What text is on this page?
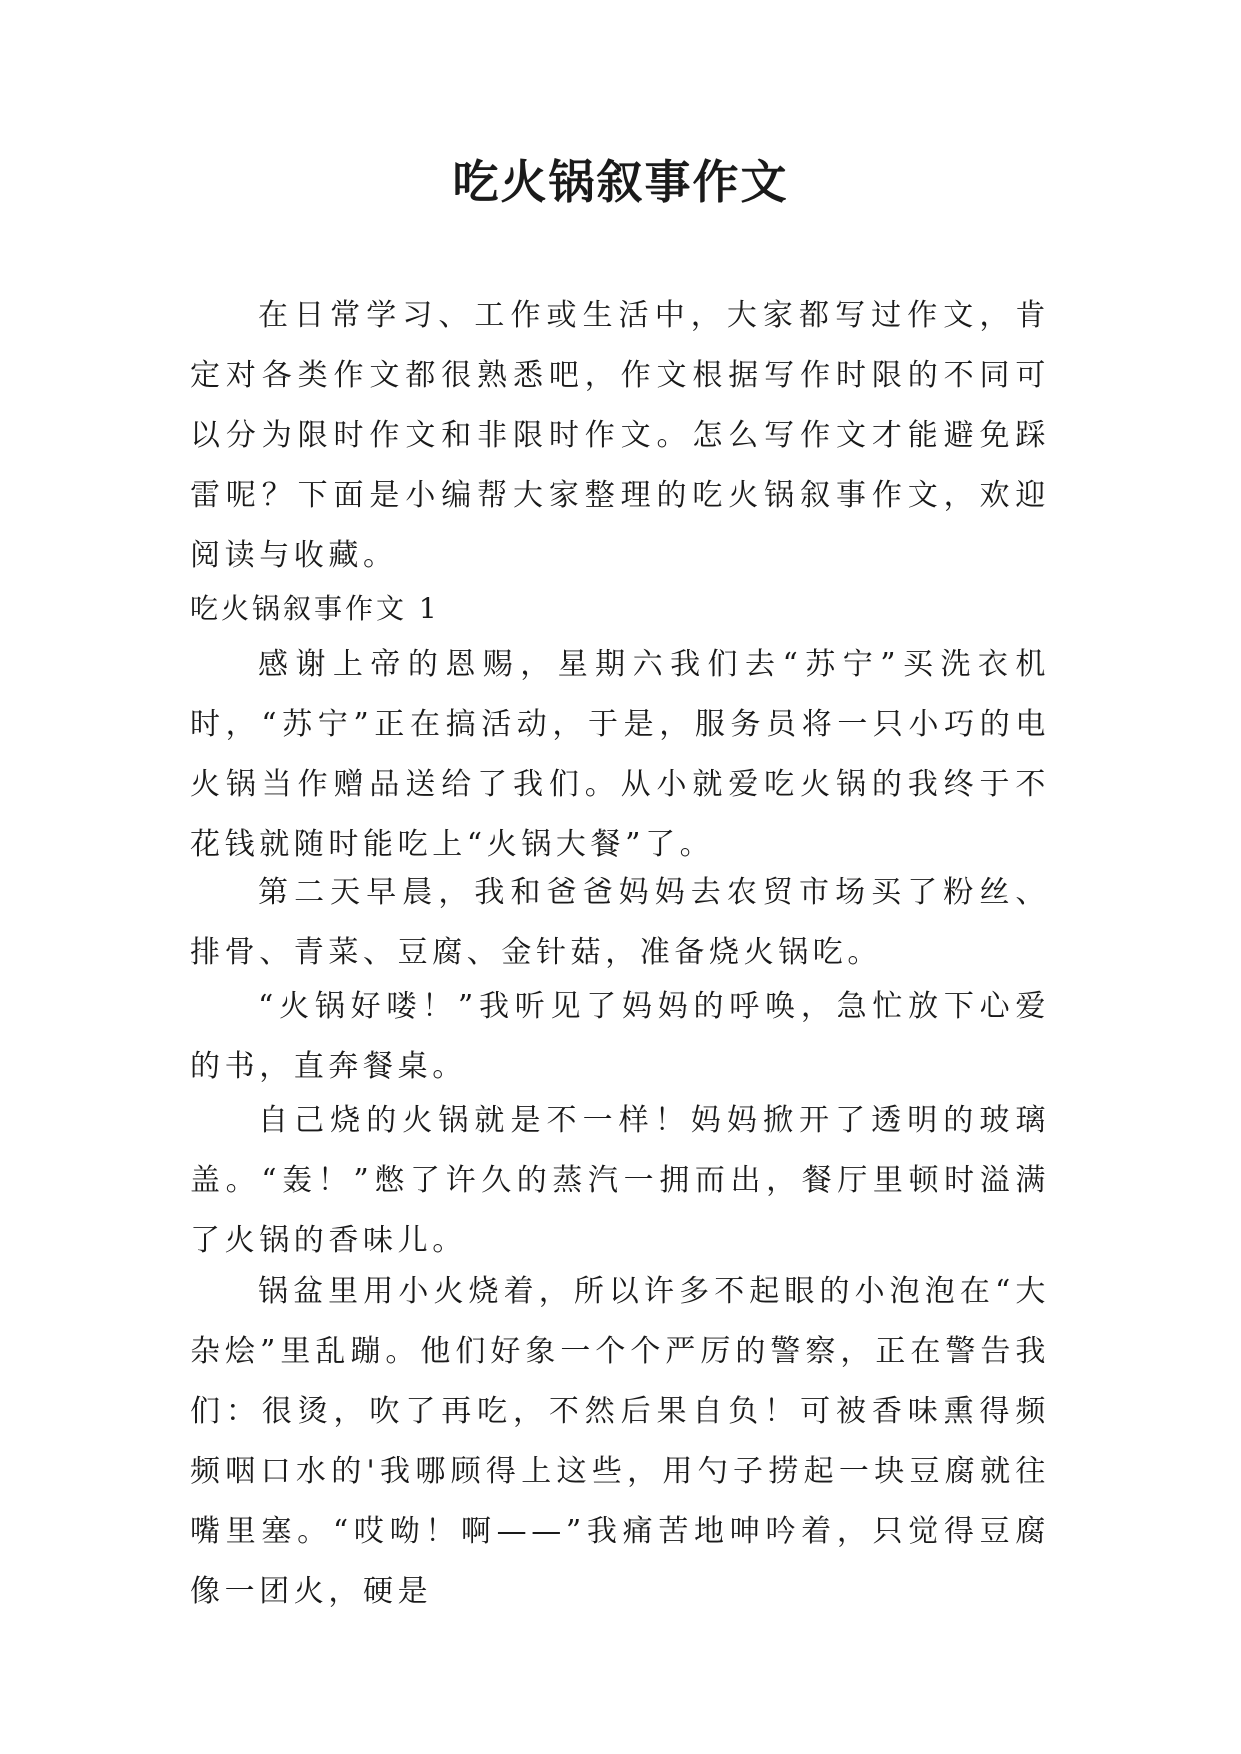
吃火锅叙事作文

在日常学习、工作或生活中，大家都写过作文，肯定对各类作文都很熟悉吧，作文根据写作时限的不同可以分为限时作文和非限时作文。怎么写作文才能避免踩雷呢？下面是小编帮大家整理的吃火锅叙事作文，欢迎阅读与收藏。

吃火锅叙事作文 1

感谢上帝的恩赐，星期六我们去“苏宁”买洗衣机时，“苏宁”正在搞活动，于是，服务员将一只小巧的电火锅当作赠品送给了我们。从小就爱吃火锅的我终于不花钱就随时能吃上“火锅大餐”了。

第二天早晨，我和爸爸妈妈去农贸市场买了粉丝、排骨、青菜、豆腐、金针菇，准备烧火锅吃。

“火锅好喽！”我听见了妈妈的呼唤，急忙放下心爱的书，直奔餐桌。

自己烧的火锅就是不一样！妈妈掀开了透明的玻璃盖。“轰！”憋了许久的蒸汽一拥而出，餐厅里顿时溢满了火锅的香味儿。

锅盆里用小火烧着，所以许多不起眼的小泡泡在“大杂烩”里乱蹦。他们好象一个个严厉的警察，正在警告我们：很烫，吹了再吃，不然后果自负！可被香味熏得频频咽口水的'我哪顾得上这些，用勺子捞起一块豆腐就往嘴里塞。“哎呦！啊——”我痛苦地呻吟着，只觉得豆腐像一团火，硬是
